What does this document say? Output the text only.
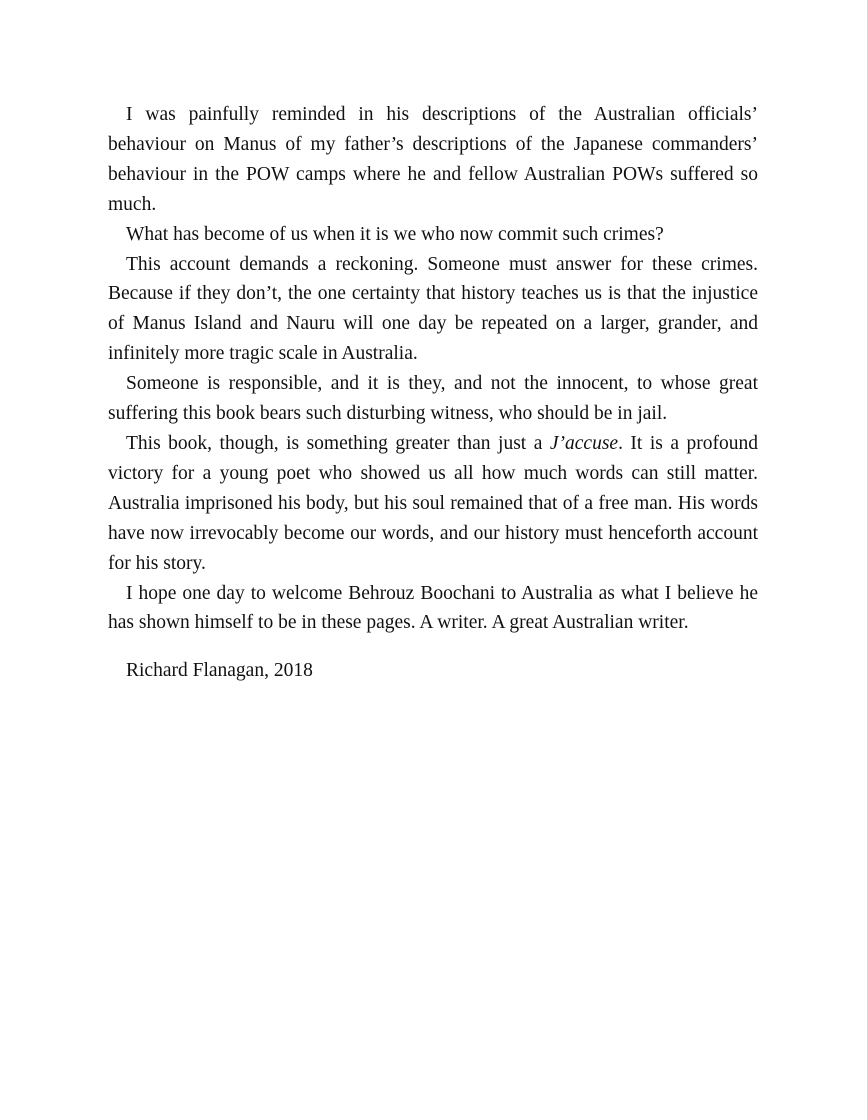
I was painfully reminded in his descriptions of the Australian officials’ behaviour on Manus of my father’s descriptions of the Japanese commanders’ behaviour in the POW camps where he and fellow Australian POWs suffered so much.

What has become of us when it is we who now commit such crimes?

This account demands a reckoning. Someone must answer for these crimes. Because if they don’t, the one certainty that history teaches us is that the injustice of Manus Island and Nauru will one day be repeated on a larger, grander, and infinitely more tragic scale in Australia.

Someone is responsible, and it is they, and not the innocent, to whose great suffering this book bears such disturbing witness, who should be in jail.

This book, though, is something greater than just a J’accuse. It is a profound victory for a young poet who showed us all how much words can still matter. Australia imprisoned his body, but his soul remained that of a free man. His words have now irrevocably become our words, and our history must henceforth account for his story.

I hope one day to welcome Behrouz Boochani to Australia as what I believe he has shown himself to be in these pages. A writer. A great Australian writer.

Richard Flanagan, 2018
